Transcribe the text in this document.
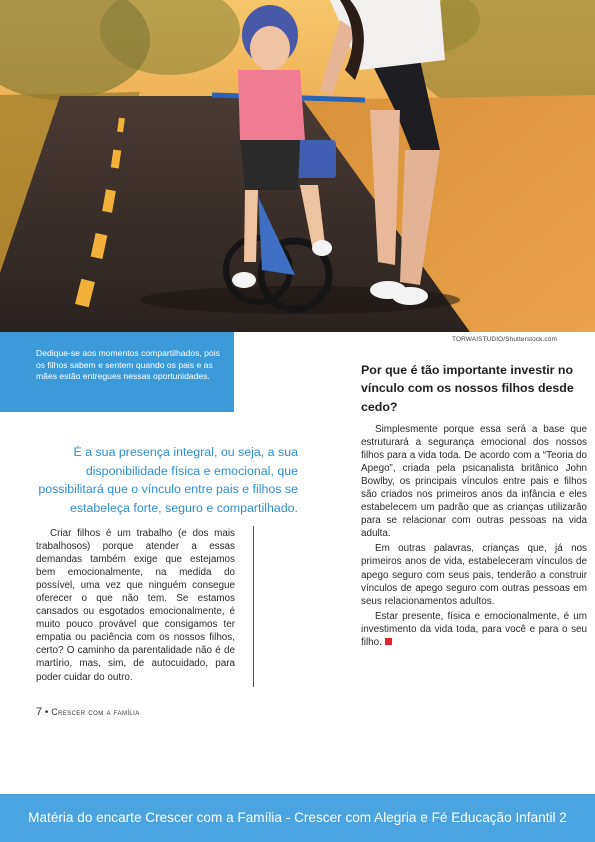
TORWAISTUDIO/Shutterstock.com
Dedique-se aos momentos compartilhados, pois os filhos sabem e sentem quando os pais e as mães estão entregues nessas oportunidades.
É a sua presença integral, ou seja, a sua disponibilidade física e emocional, que possibilitará que o vínculo entre pais e filhos se estabeleça forte, seguro e compartilhado.

Criar filhos é um trabalho (e dos mais trabalhosos) porque atender a essas demandas também exige que estejamos bem emocionalmente, na medida do possível, uma vez que ninguém consegue oferecer o que não tem. Se estamos cansados ou esgotados emocionalmente, é muito pouco provável que consigamos ter empatia ou paciência com os nossos filhos, certo? O caminho da parentalidade não é de martírio, mas, sim, de autocuidado, para poder cuidar do outro.

Por que é tão importante investir no vínculo com os nossos filhos desde cedo?

Simplesmente porque essa será a base que estruturará a segurança emocional dos nossos filhos para a vida toda. De acordo com a “Teoria do Apego”, criada pela psicanalista britânico John Bowlby, os principais vínculos entre pais e filhos são criados nos primeiros anos da infância e eles estabelecem um padrão que as crianças utilizarão para se relacionar com outras pessoas na vida adulta.

Em outras palavras, crianças que, já nos primeiros anos de vida, estabeleceram vínculos de apego seguro com seus pais, tenderão a construir vínculos de apego seguro com outras pessoas em seus relacionamentos adultos.

Estar presente, física e emocionalmente, é um investimento da vida toda, para você e para o seu filho.

7 • Crescer com a família
Matéria do encarte Crescer com a Família - Crescer com Alegria e Fé Educação Infantil 2
